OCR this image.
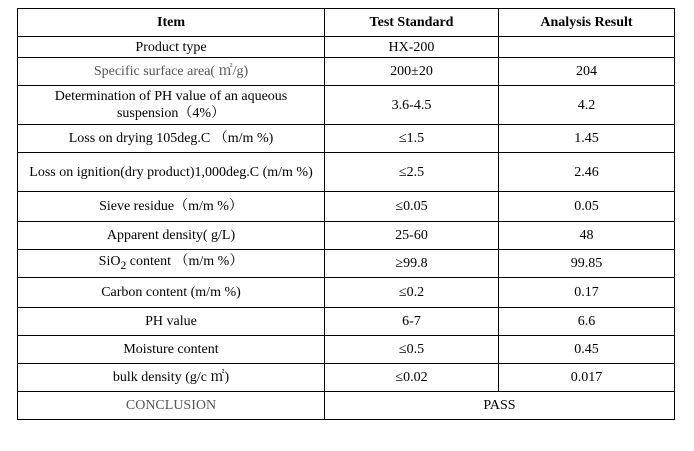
Item	Test Standard	Analysis Result
Product type	HX-200	
Specific surface area( ㎡/g)	200±20	204
Determination of PH value of an aqueous suspension（4%）	3.6-4.5	4.2
Loss on drying 105deg.C （m/m %)	≤1.5	1.45
Loss on ignition(dry product)1,000deg.C (m/m %)	≤2.5	2.46
Sieve residue（m/m %）	≤0.05	0.05
Apparent density( g/L)	25-60	48
SiO$_2$ content （m/m %）	≥99.8	99.85
Carbon content (m/m %)	≤0.2	0.17
PH value	6-7	6.6
Moisture content	≤0.5	0.45
bulk density (g/c ㎡)	≤0.02	0.017
CONCLUSION	PASS	
